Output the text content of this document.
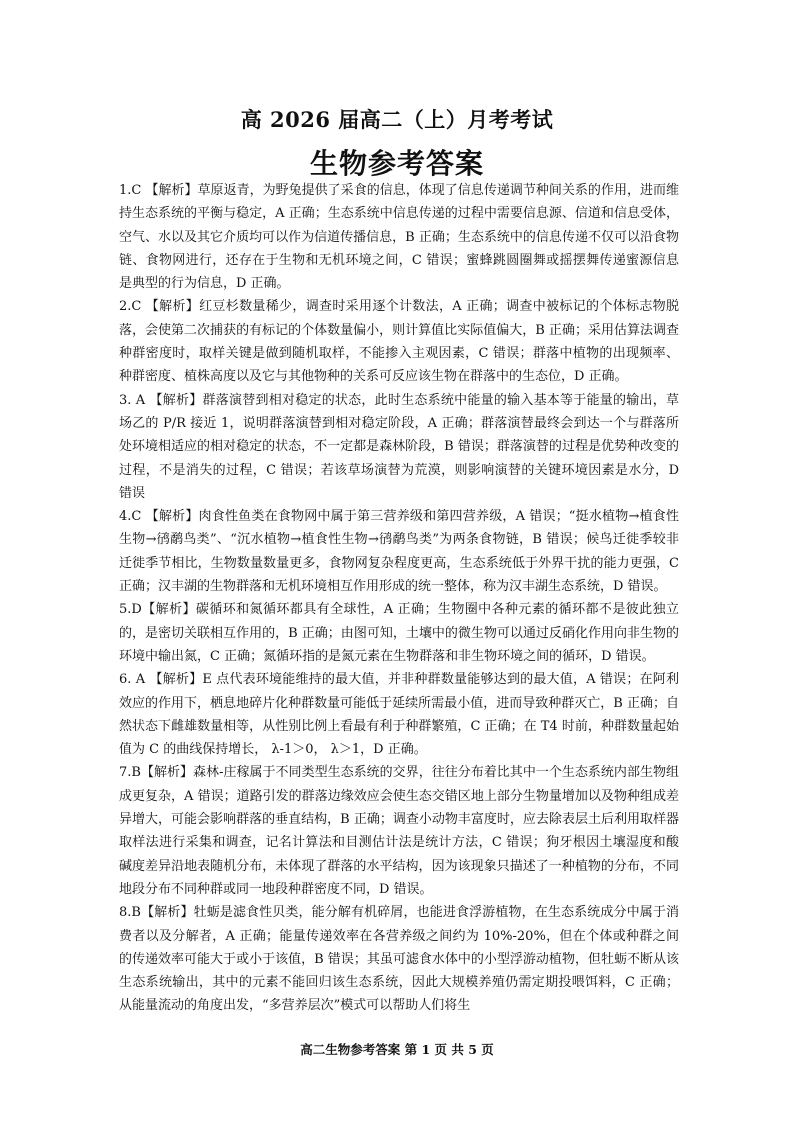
高 2026 届高二（上）月考考试
生物参考答案

1.C 【解析】草原返青，为野兔提供了采食的信息，体现了信息传递调节种间关系的作用，进而维持生态系统的平衡与稳定，A 正确；生态系统中信息传递的过程中需要信息源、信道和信息受体，空气、水以及其它介质均可以作为信道传播信息，B 正确；生态系统中的信息传递不仅可以沿食物链、食物网进行，还存在于生物和无机环境之间，C 错误；蜜蜂跳圆圈舞或摇摆舞传递蜜源信息是典型的行为信息，D 正确。

2.C 【解析】红豆杉数量稀少，调查时采用逐个计数法，A 正确；调查中被标记的个体标志物脱落，会使第二次捕获的有标记的个体数量偏小，则计算值比实际值偏大，B 正确；采用估算法调查种群密度时，取样关键是做到随机取样，不能掺入主观因素，C 错误；群落中植物的出现频率、种群密度、植株高度以及它与其他物种的关系可反应该生物在群落中的生态位，D 正确。

3. A 【解析】群落演替到相对稳定的状态，此时生态系统中能量的输入基本等于能量的输出，草场乙的 P/R 接近 1，说明群落演替到相对稳定阶段，A 正确；群落演替最终会到达一个与群落所处环境相适应的相对稳定的状态，不一定都是森林阶段，B 错误；群落演替的过程是优势种改变的过程，不是消失的过程，C 错误；若该草场演替为荒漠，则影响演替的关键环境因素是水分，D 错误

4.C 【解析】肉食性鱼类在食物网中属于第三营养级和第四营养级，A 错误；“挺水植物→植食性生物→鸻鹬鸟类”、“沉水植物→植食性生物→鸻鹬鸟类”为两条食物链，B 错误；候鸟迁徙季较非迁徙季节相比，生物数量数量更多，食物网复杂程度更高，生态系统低于外界干扰的能力更强，C 正确；汉丰湖的生物群落和无机环境相互作用形成的统一整体，称为汉丰湖生态系统，D 错误。

5.D【解析】碳循环和氮循环都具有全球性，A 正确；生物圈中各种元素的循环都不是彼此独立的，是密切关联相互作用的，B 正确；由图可知，土壤中的微生物可以通过反硝化作用向非生物的环境中输出氮，C 正确；氮循环指的是氮元素在生物群落和非生物环境之间的循环，D 错误。

6. A 【解析】E 点代表环境能维持的最大值，并非种群数量能够达到的最大值，A 错误；在阿利效应的作用下，栖息地碎片化种群数量可能低于延续所需最小值，进而导致种群灭亡，B 正确；自然状态下雌雄数量相等，从性别比例上看最有利于种群繁殖，C 正确；在 T4 时前，种群数量起始值为 C 的曲线保持增长， λ-1＞0， λ＞1，D 正确。

7.B【解析】森林-庄稼属于不同类型生态系统的交界，往往分布着比其中一个生态系统内部生物组成更复杂，A 错误；道路引发的群落边缘效应会使生态交错区地上部分生物量增加以及物种组成差异增大，可能会影响群落的垂直结构，B 正确；调查小动物丰富度时，应去除表层土后利用取样器取样法进行采集和调查，记名计算法和目测估计法是统计方法，C 错误；狗牙根因土壤湿度和酸碱度差异沿地表随机分布，未体现了群落的水平结构，因为该现象只描述了一种植物的分布，不同地段分布不同种群或同一地段种群密度不同，D 错误。

8.B【解析】牡蛎是滤食性贝类，能分解有机碎屑，也能进食浮游植物，在生态系统成分中属于消费者以及分解者，A 正确；能量传递效率在各营养级之间约为 10%-20%，但在个体或种群之间的传递效率可能大于或小于该值，B 错误；其虽可滤食水体中的小型浮游动植物，但牡蛎不断从该生态系统输出，其中的元素不能回归该生态系统，因此大规模养殖仍需定期投喂饵料，C 正确；从能量流动的角度出发，“多营养层次”模式可以帮助人们将生

高二生物参考答案 第 1 页 共 5 页
